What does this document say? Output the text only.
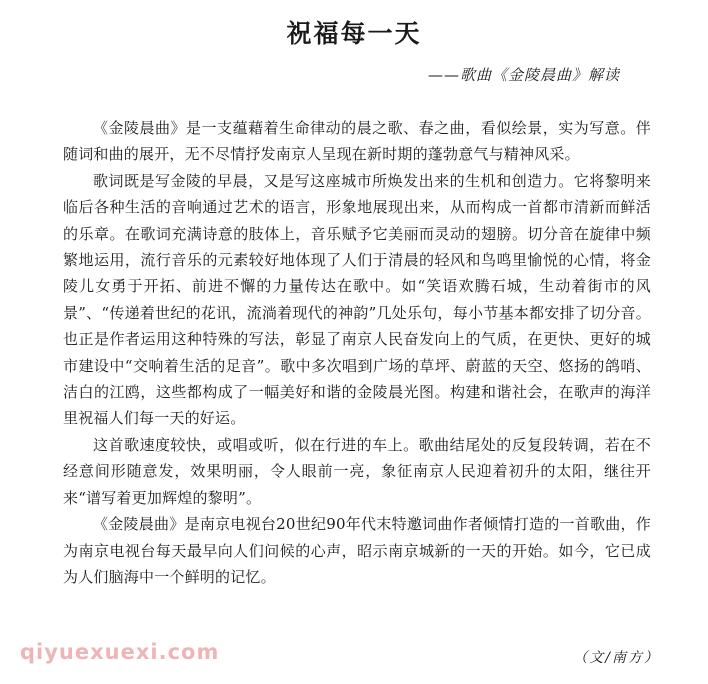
祝福每一天
——歌曲《金陵晨曲》解读

《金陵晨曲》是一支蕴藉着生命律动的晨之歌、春之曲，看似绘景，实为写意。伴随词和曲的展开，无不尽情抒发南京人呈现在新时期的蓬勃意气与精神风采。

歌词既是写金陵的早晨，又是写这座城市所焕发出来的生机和创造力。它将黎明来临后各种生活的音响通过艺术的语言，形象地展现出来，从而构成一首都市清新而鲜活的乐章。在歌词充满诗意的肢体上，音乐赋予它美丽而灵动的翅膀。切分音在旋律中频繁地运用，流行音乐的元素较好地体现了人们于清晨的轻风和鸟鸣里愉悦的心情，将金陵儿女勇于开拓、前进不懈的力量传达在歌中。如“笑语欢腾石城，生动着街市的风景”、“传递着世纪的花讯，流淌着现代的神韵”几处乐句，每小节基本都安排了切分音。也正是作者运用这种特殊的写法，彰显了南京人民奋发向上的气质，在更快、更好的城市建设中“交响着生活的足音”。歌中多次唱到广场的草坪、蔚蓝的天空、悠扬的鸽哨、洁白的江鸥，这些都构成了一幅美好和谐的金陵晨光图。构建和谐社会，在歌声的海洋里祝福人们每一天的好运。

这首歌速度较快，或唱或听，似在行进的车上。歌曲结尾处的反复段转调，若在不经意间形随意发，效果明丽，令人眼前一亮，象征南京人民迎着初升的太阳，继往开来“谱写着更加辉煌的黎明”。

《金陵晨曲》是南京电视台20世纪90年代末特邀词曲作者倾情打造的一首歌曲，作为南京电视台每天最早向人们问候的心声，昭示南京城新的一天的开始。如今，它已成为人们脑海中一个鲜明的记忆。

qiyuexuexi.com	（文/南方）
